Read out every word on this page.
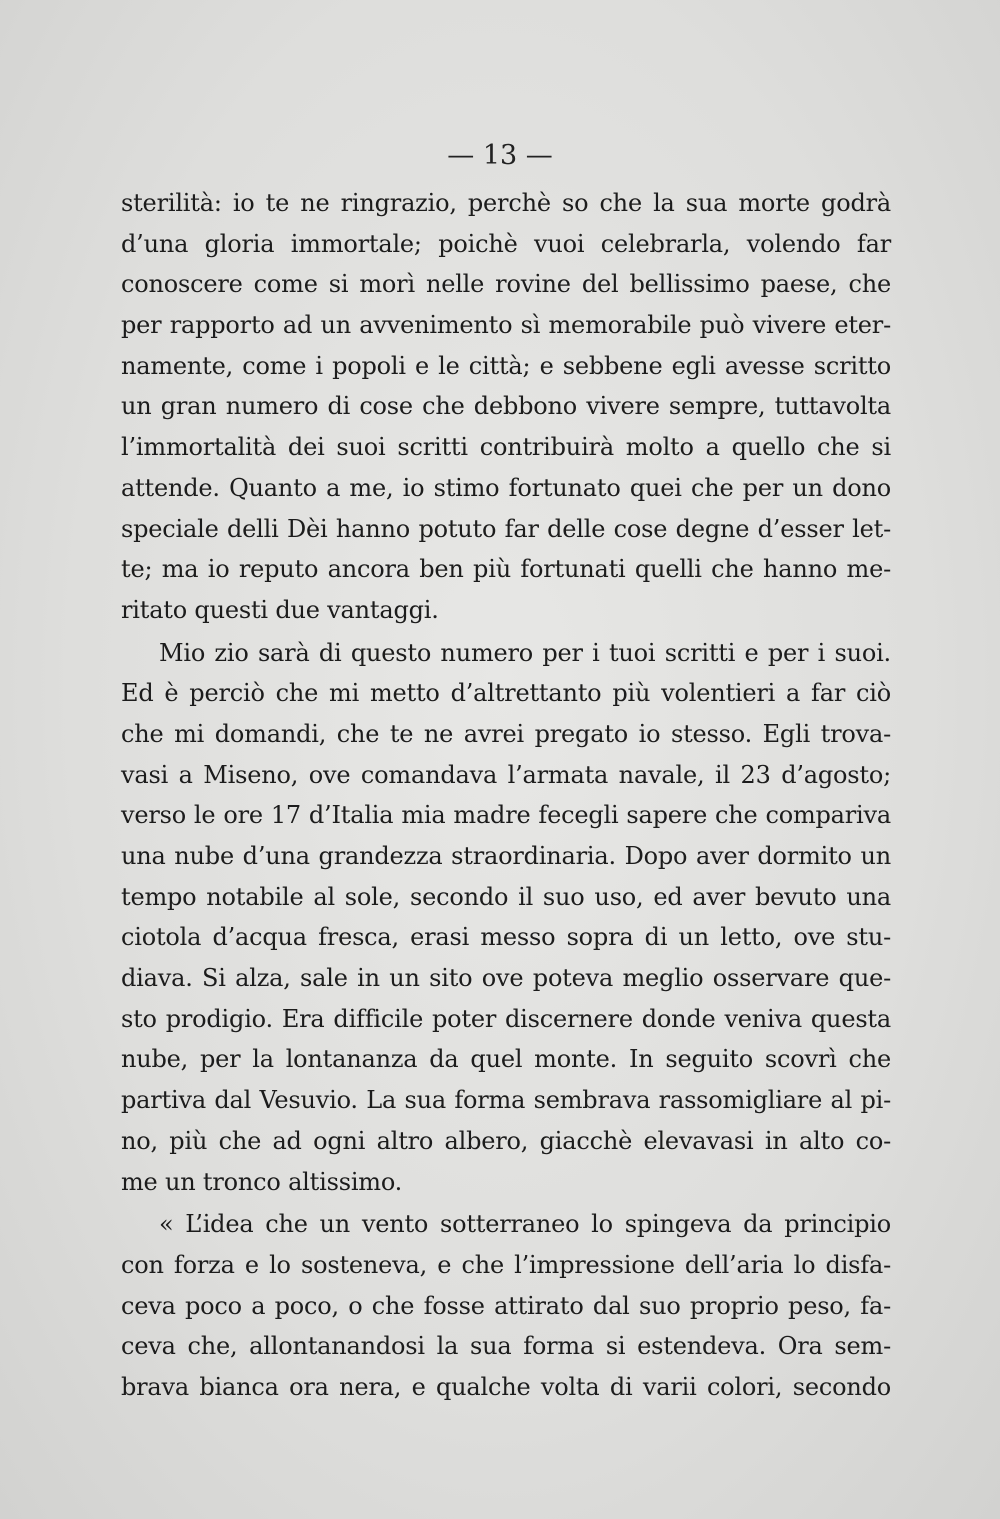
— 13 —
sterilità: io te ne ringrazio, perchè so che la sua morte godrà
d’una gloria immortale; poichè vuoi celebrarla, volendo far
conoscere come si morì nelle rovine del bellissimo paese, che
per rapporto ad un avvenimento sì memorabile può vivere eter-
namente, come i popoli e le città; e sebbene egli avesse scritto
un gran numero di cose che debbono vivere sempre, tuttavolta
l’immortalità dei suoi scritti contribuirà molto a quello che si
attende. Quanto a me, io stimo fortunato quei che per un dono
speciale delli Dèi hanno potuto far delle cose degne d’esser let-
te; ma io reputo ancora ben più fortunati quelli che hanno me-
ritato questi due vantaggi.
Mio zio sarà di questo numero per i tuoi scritti e per i suoi.
Ed è perciò che mi metto d’altrettanto più volentieri a far ciò
che mi domandi, che te ne avrei pregato io stesso. Egli trova-
vasi a Miseno, ove comandava l’armata navale, il 23 d’agosto;
verso le ore 17 d’Italia mia madre fecegli sapere che compariva
una nube d’una grandezza straordinaria. Dopo aver dormito un
tempo notabile al sole, secondo il suo uso, ed aver bevuto una
ciotola d’acqua fresca, erasi messo sopra di un letto, ove stu-
diava. Si alza, sale in un sito ove poteva meglio osservare que-
sto prodigio. Era difficile poter discernere donde veniva questa
nube, per la lontananza da quel monte. In seguito scovrì che
partiva dal Vesuvio. La sua forma sembrava rassomigliare al pi-
no, più che ad ogni altro albero, giacchè elevavasi in alto co-
me un tronco altissimo.
« L’idea che un vento sotterraneo lo spingeva da principio
con forza e lo sosteneva, e che l’impressione dell’aria lo disfa-
ceva poco a poco, o che fosse attirato dal suo proprio peso, fa-
ceva che, allontanandosi la sua forma si estendeva. Ora sem-
brava bianca ora nera, e qualche volta di varii colori, secondo
